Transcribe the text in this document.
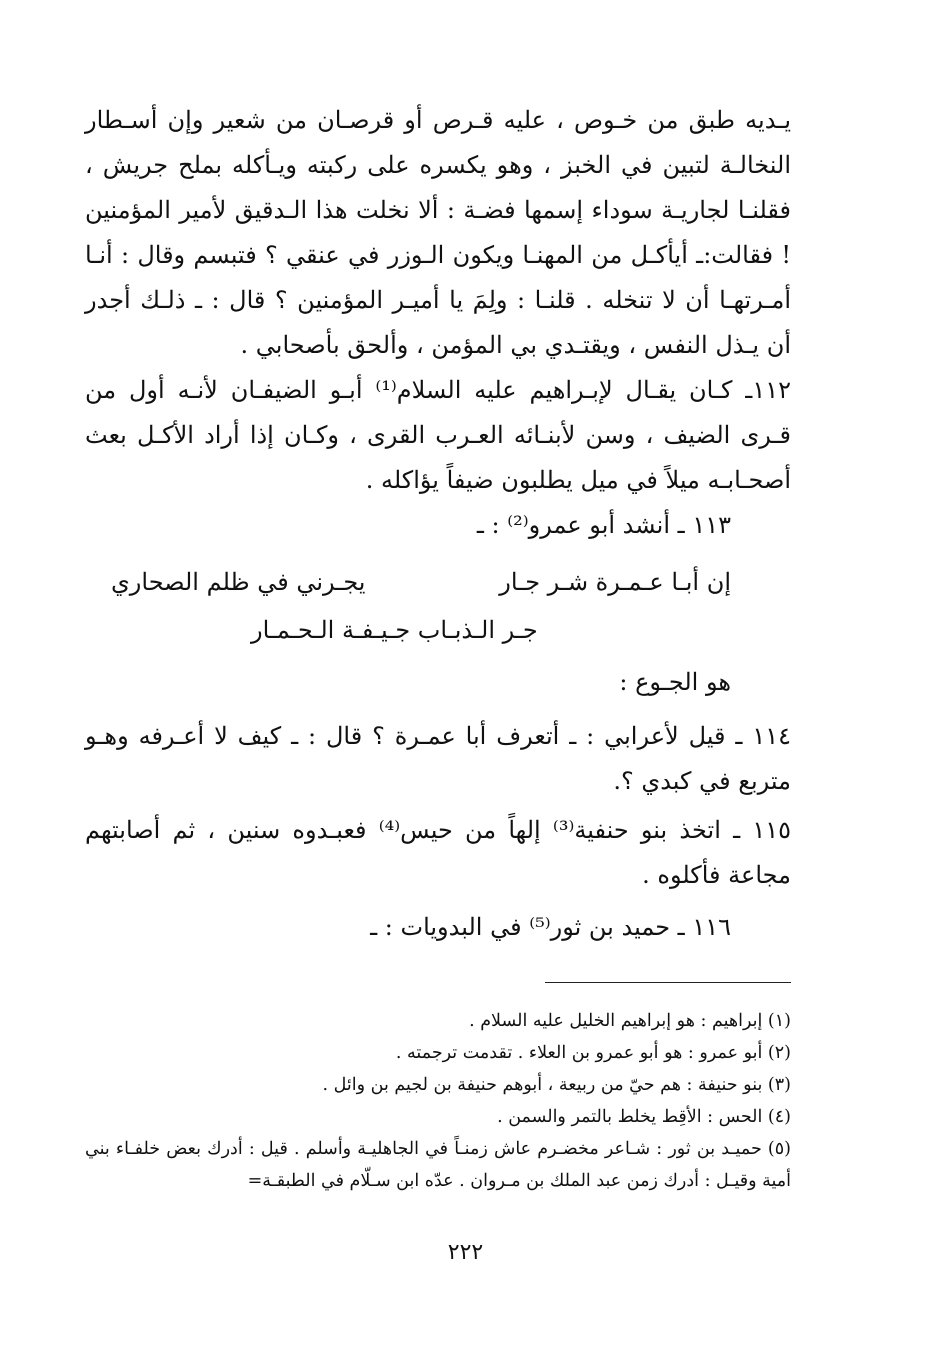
يـديه طبق من خـوص ، عليه قـرص أو قرصـان من شعير وإن أسـطار النخالـة لتبين في الخبز ، وهو يكسره على ركبته ويـأكله بملح جريش ، فقلنـا لجاريـة سوداء إسمها فضـة : ألا نخلت هذا الـدقيق لأمير المؤمنين ! فقالت:ـ أيأكـل من المهنـا ويكون الـوزر في عنقي ؟ فتبسم وقال : أنـا أمـرتهـا أن لا تنخله . قلنـا : ولِمَ يا أميـر المؤمنين ؟ قال : ـ ذلـك أجدر أن يـذل النفس ، ويقتـدي بي المؤمن ، وألحق بأصحابي .

١١٢ـ كـان يقـال لإبـراهيم عليه السلام⁽¹⁾ أبـو الضيفـان لأنـه أول من قـرى الضيف ، وسن لأبنـائه العـرب القرى ، وكـان إذا أراد الأكـل بعث أصحـابـه ميلاً في ميل يطلبون ضيفاً يؤاكله .

١١٣ ـ أنشد أبو عمرو⁽²⁾ : ـ

إن أبـا عـمـرة شـر جـار
يجـرني في ظلم الصحاري
جـر الـذبـاب جـيـفـة الـحـمـار

هو الجـوع :

١١٤ ـ قيل لأعرابي : ـ أتعرف أبا عمـرة ؟ قال : ـ كيف لا أعـرفه وهـو متربع في كبدي ؟.

١١٥ ـ اتخذ بنو حنفية⁽³⁾ إلهاً من حيس⁽⁴⁾ فعبـدوه سنين ، ثم أصابتهم مجاعة فأكلوه .

١١٦ ـ حميد بن ثور⁽⁵⁾ في البدويات : ـ

(١) إبراهيم : هو إبراهيم الخليل عليه السلام .

(٢) أبو عمرو : هو أبو عمرو بن العلاء . تقدمت ترجمته .

(٣) بنو حنيفة : هم حيّ من ربيعة ، أبوهم حنيفة بن لجيم بن وائل .

(٤) الحس : الأقِط يخلط بالتمر والسمن .

(٥) حميـد بن ثور : شـاعر مخضـرم عاش زمنـاً في الجاهليـة وأسلم . قيل : أدرك بعض خلفـاء بني أمية وقيـل : أدرك زمن عبد الملك بن مـروان . عدّه ابن سـلّام في الطبقـة=

٢٢٢
